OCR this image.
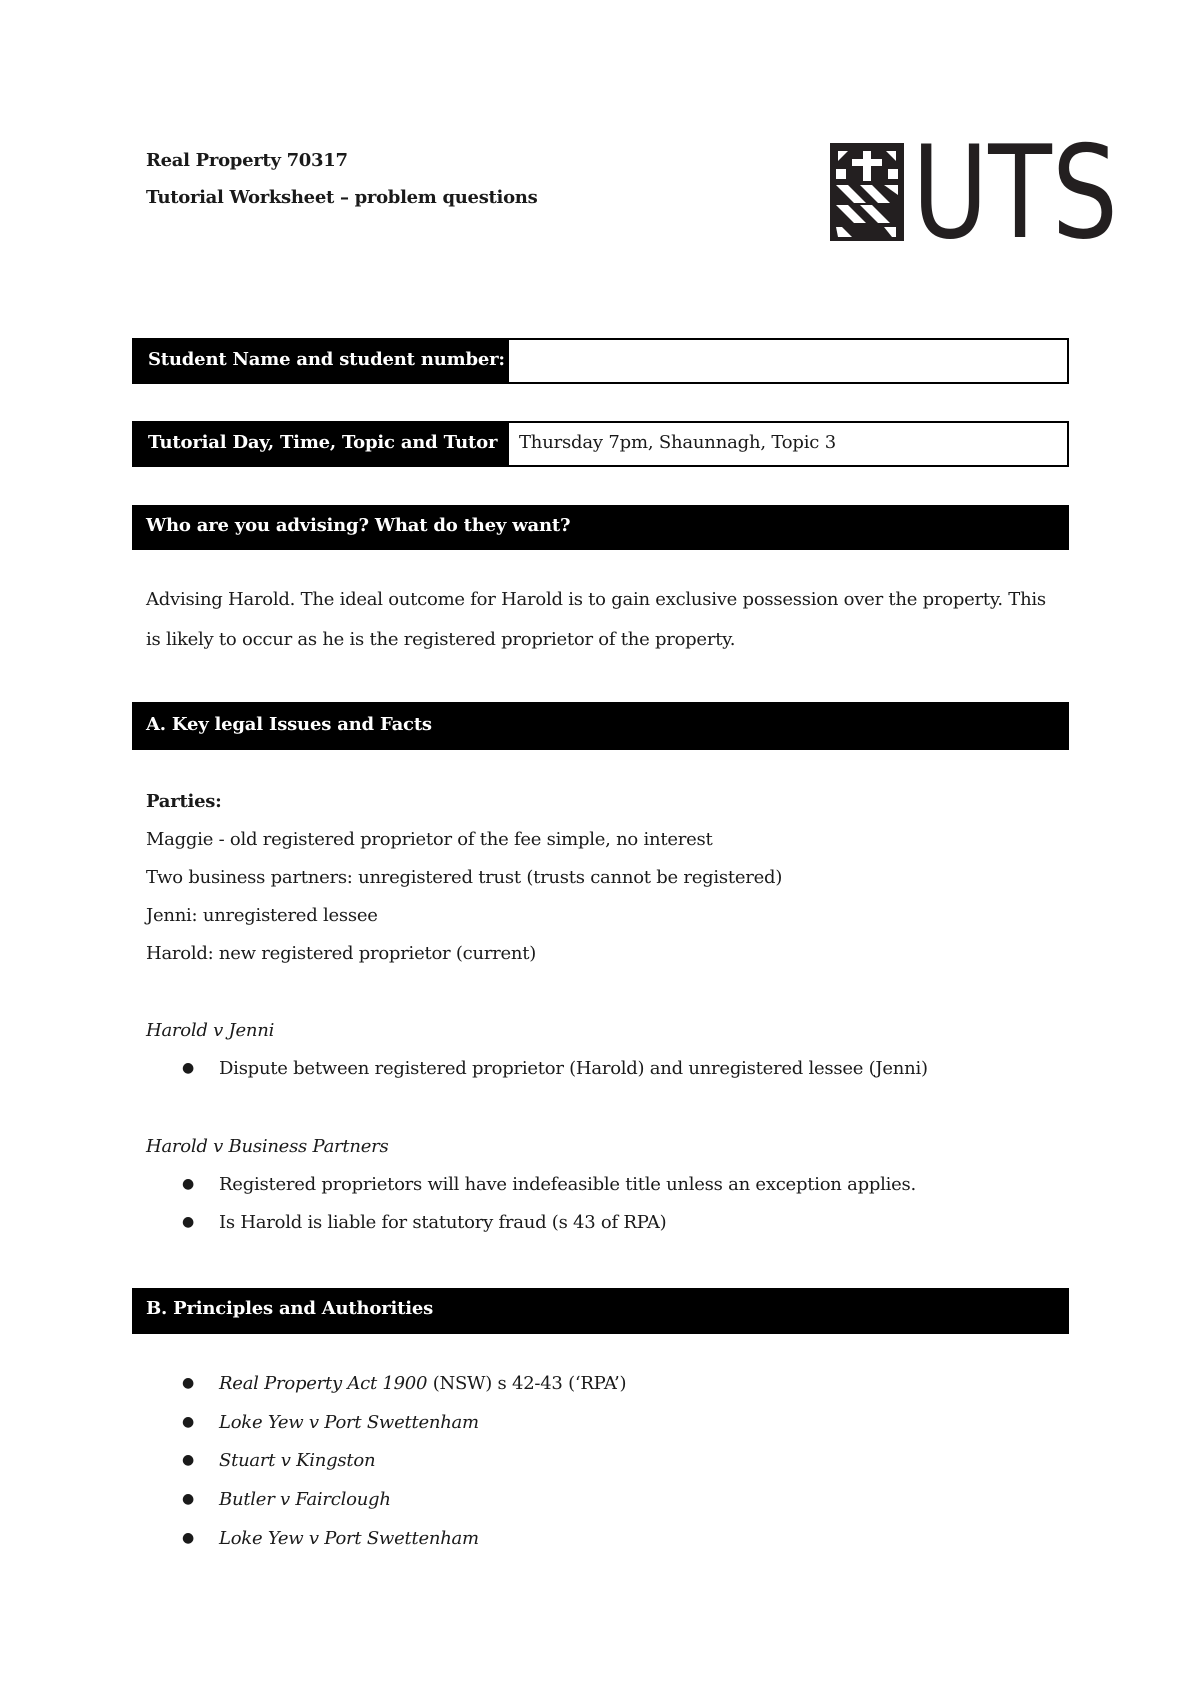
Real Property 70317
Tutorial Worksheet – problem questions	UTS
Student Name and student number:
Tutorial Day, Time, Topic and Tutor	Thursday 7pm, Shaunnagh, Topic 3
Who are you advising? What do they want?
Advising Harold. The ideal outcome for Harold is to gain exclusive possession over the property. This
is likely to occur as he is the registered proprietor of the property.
A. Key legal Issues and Facts
Parties:
Maggie - old registered proprietor of the fee simple, no interest
Two business partners: unregistered trust (trusts cannot be registered)
Jenni: unregistered lessee
Harold: new registered proprietor (current)
Harold v Jenni
● Dispute between registered proprietor (Harold) and unregistered lessee (Jenni)
Harold v Business Partners
● Registered proprietors will have indefeasible title unless an exception applies.
● Is Harold is liable for statutory fraud (s 43 of RPA)
B. Principles and Authorities
● Real Property Act 1900 (NSW) s 42-43 (‘RPA’)
● Loke Yew v Port Swettenham
● Stuart v Kingston
● Butler v Fairclough
● Loke Yew v Port Swettenham
